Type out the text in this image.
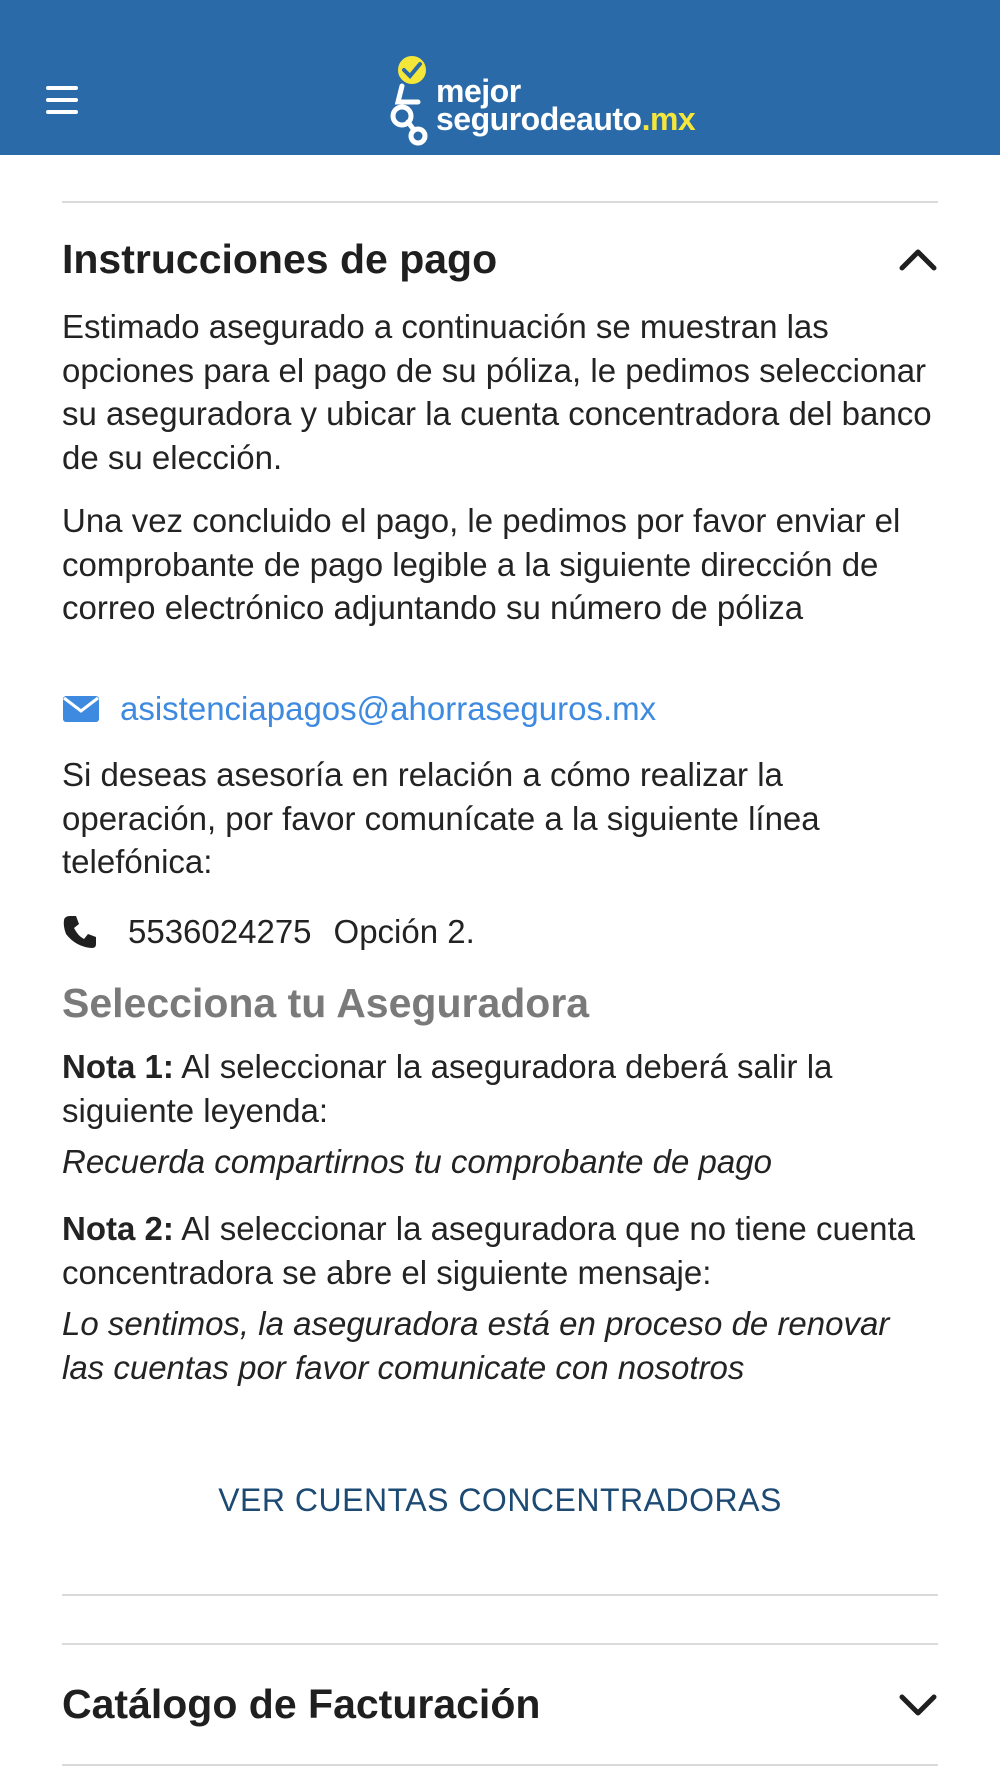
mejor
segurodeauto.mx
Instrucciones de pago
Estimado asegurado a continuación se muestran las opciones para el pago de su póliza, le pedimos seleccionar su aseguradora y ubicar la cuenta concentradora del banco de su elección.
Una vez concluido el pago, le pedimos por favor enviar el comprobante de pago legible a la siguiente dirección de correo electrónico adjuntando su número de póliza
asistenciapagos@ahorraseguros.mx
Si deseas asesoría en relación a cómo realizar la operación, por favor comunícate a la siguiente línea telefónica:
5536024275 Opción 2.
Selecciona tu Aseguradora
Nota 1: Al seleccionar la aseguradora deberá salir la siguiente leyenda:
Recuerda compartirnos tu comprobante de pago
Nota 2: Al seleccionar la aseguradora que no tiene cuenta concentradora se abre el siguiente mensaje:
Lo sentimos, la aseguradora está en proceso de renovar las cuentas por favor comunicate con nosotros
VER CUENTAS CONCENTRADORAS
Catálogo de Facturación
